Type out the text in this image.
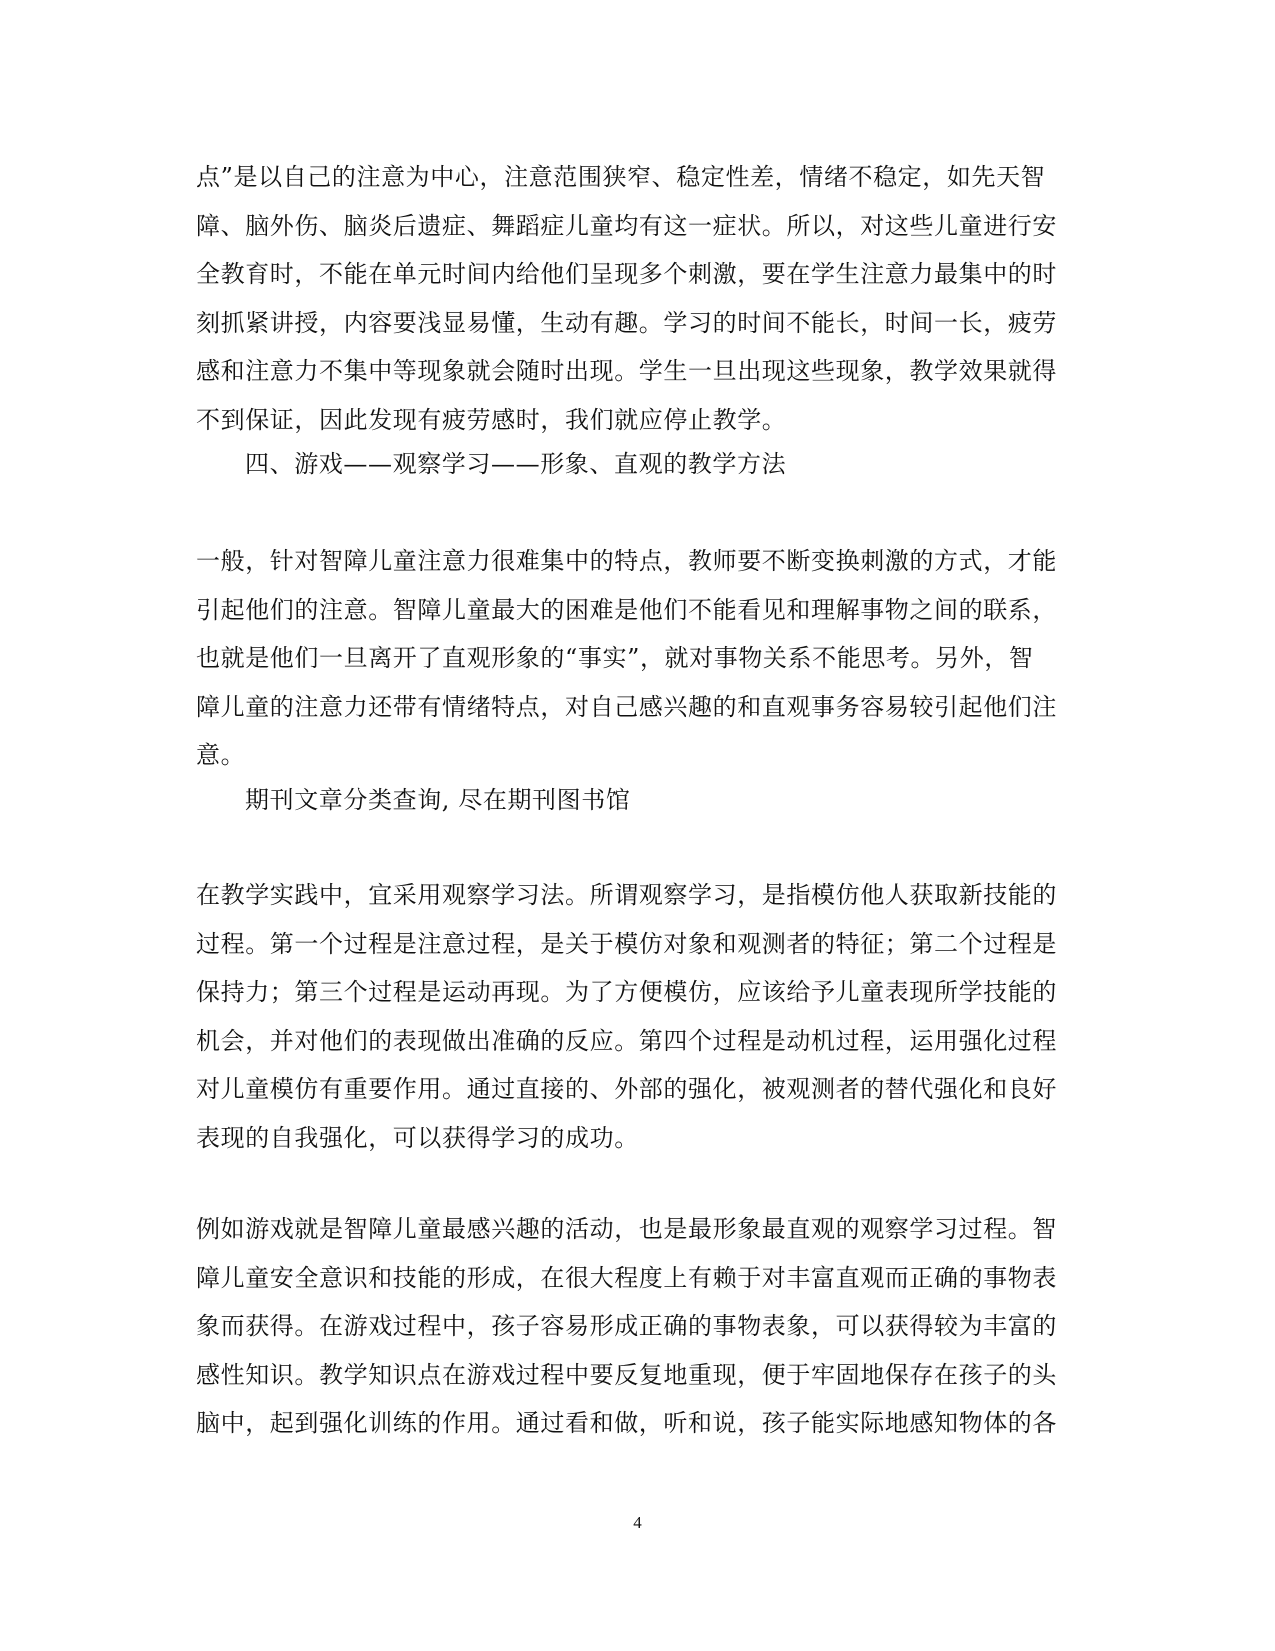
点”是以自己的注意为中心，注意范围狭窄、稳定性差，情绪不稳定，如先天智
障、脑外伤、脑炎后遗症、舞蹈症儿童均有这一症状。所以，对这些儿童进行安
全教育时，不能在单元时间内给他们呈现多个刺激，要在学生注意力最集中的时
刻抓紧讲授，内容要浅显易懂，生动有趣。学习的时间不能长，时间一长，疲劳
感和注意力不集中等现象就会随时出现。学生一旦出现这些现象，教学效果就得
不到保证，因此发现有疲劳感时，我们就应停止教学。

四、游戏——观察学习——形象、直观的教学方法

一般，针对智障儿童注意力很难集中的特点，教师要不断变换刺激的方式，才能
引起他们的注意。智障儿童最大的困难是他们不能看见和理解事物之间的联系，
也就是他们一旦离开了直观形象的“事实”，就对事物关系不能思考。另外，智
障儿童的注意力还带有情绪特点，对自己感兴趣的和直观事务容易较引起他们注
意。

期刊文章分类查询, 尽在期刊图书馆

在教学实践中，宜采用观察学习法。所谓观察学习，是指模仿他人获取新技能的
过程。第一个过程是注意过程，是关于模仿对象和观测者的特征；第二个过程是
保持力；第三个过程是运动再现。为了方便模仿，应该给予儿童表现所学技能的
机会，并对他们的表现做出准确的反应。第四个过程是动机过程，运用强化过程
对儿童模仿有重要作用。通过直接的、外部的强化，被观测者的替代强化和良好
表现的自我强化，可以获得学习的成功。

例如游戏就是智障儿童最感兴趣的活动，也是最形象最直观的观察学习过程。智
障儿童安全意识和技能的形成，在很大程度上有赖于对丰富直观而正确的事物表
象而获得。在游戏过程中，孩子容易形成正确的事物表象，可以获得较为丰富的
感性知识。教学知识点在游戏过程中要反复地重现，便于牢固地保存在孩子的头
脑中，起到强化训练的作用。通过看和做，听和说，孩子能实际地感知物体的各

4
